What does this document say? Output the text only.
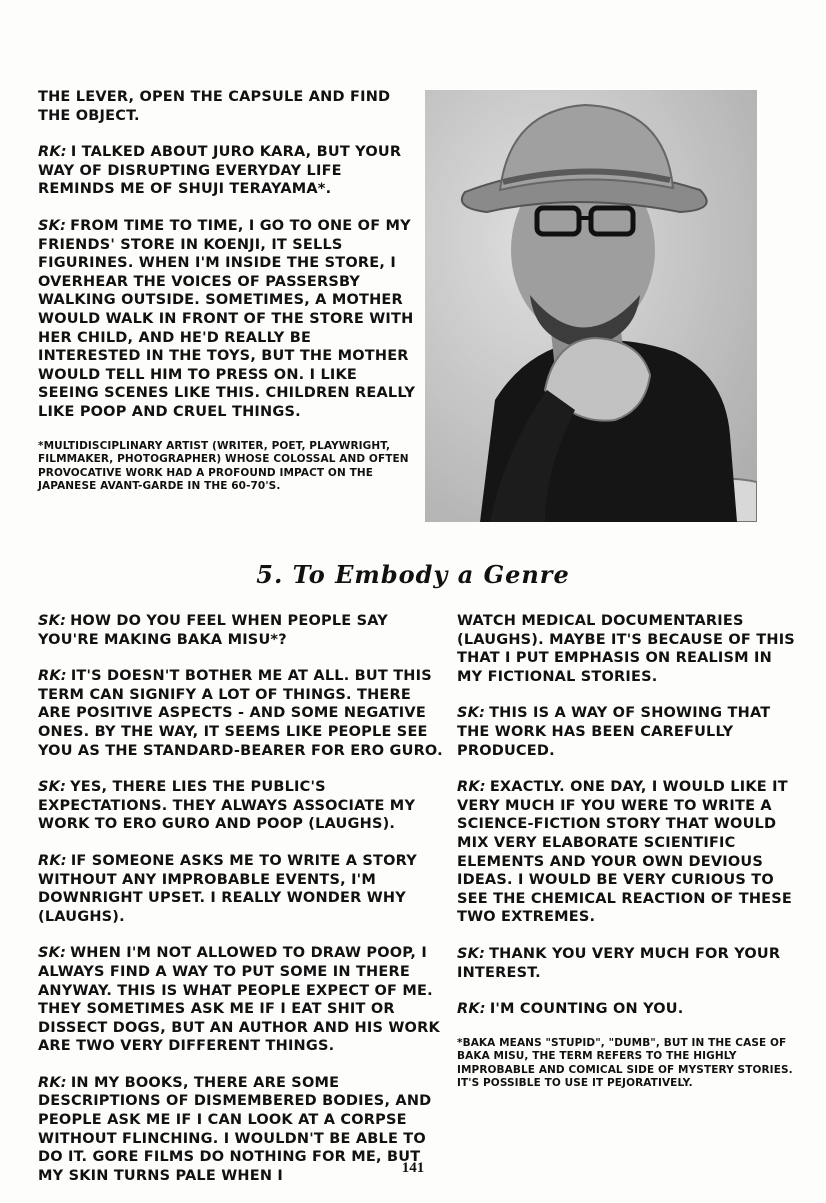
THE LEVER, OPEN THE CAPSULE AND FIND THE OBJECT.

RK: I TALKED ABOUT JURO KARA, BUT YOUR WAY OF DISRUPTING EVERYDAY LIFE REMINDS ME OF SHUJI TERAYAMA*.

SK: FROM TIME TO TIME, I GO TO ONE OF MY FRIENDS' STORE IN KOENJI, IT SELLS FIGURINES. WHEN I'M INSIDE THE STORE, I OVERHEAR THE VOICES OF PASSERSBY WALKING OUTSIDE. SOMETIMES, A MOTHER WOULD WALK IN FRONT OF THE STORE WITH HER CHILD, AND HE'D REALLY BE INTERESTED IN THE TOYS, BUT THE MOTHER WOULD TELL HIM TO PRESS ON. I LIKE SEEING SCENES LIKE THIS. CHILDREN REALLY LIKE POOP AND CRUEL THINGS.

*MULTIDISCIPLINARY ARTIST (WRITER, POET, PLAYWRIGHT, FILMMAKER, PHOTOGRAPHER) WHOSE COLOSSAL AND OFTEN PROVOCATIVE WORK HAD A PROFOUND IMPACT ON THE JAPANESE AVANT-GARDE IN THE 60-70'S.

5. To Embody a Genre

SK: HOW DO YOU FEEL WHEN PEOPLE SAY YOU'RE MAKING BAKA MISU*?

RK: IT'S DOESN'T BOTHER ME AT ALL. BUT THIS TERM CAN SIGNIFY A LOT OF THINGS. THERE ARE POSITIVE ASPECTS - AND SOME NEGATIVE ONES. BY THE WAY, IT SEEMS LIKE PEOPLE SEE YOU AS THE STANDARD-BEARER FOR ERO GURO.

SK: YES, THERE LIES THE PUBLIC'S EXPECTATIONS. THEY ALWAYS ASSOCIATE MY WORK TO ERO GURO AND POOP (LAUGHS).

RK: IF SOMEONE ASKS ME TO WRITE A STORY WITHOUT ANY IMPROBABLE EVENTS, I'M DOWNRIGHT UPSET. I REALLY WONDER WHY (LAUGHS).

SK: WHEN I'M NOT ALLOWED TO DRAW POOP, I ALWAYS FIND A WAY TO PUT SOME IN THERE ANYWAY. THIS IS WHAT PEOPLE EXPECT OF ME. THEY SOMETIMES ASK ME IF I EAT SHIT OR DISSECT DOGS, BUT AN AUTHOR AND HIS WORK ARE TWO VERY DIFFERENT THINGS.

RK: IN MY BOOKS, THERE ARE SOME DESCRIPTIONS OF DISMEMBERED BODIES, AND PEOPLE ASK ME IF I CAN LOOK AT A CORPSE WITHOUT FLINCHING. I WOULDN'T BE ABLE TO DO IT. GORE FILMS DO NOTHING FOR ME, BUT MY SKIN TURNS PALE WHEN I

WATCH MEDICAL DOCUMENTARIES (LAUGHS). MAYBE IT'S BECAUSE OF THIS THAT I PUT EMPHASIS ON REALISM IN MY FICTIONAL STORIES.

SK: THIS IS A WAY OF SHOWING THAT THE WORK HAS BEEN CAREFULLY PRODUCED.

RK: EXACTLY. ONE DAY, I WOULD LIKE IT VERY MUCH IF YOU WERE TO WRITE A SCIENCE-FICTION STORY THAT WOULD MIX VERY ELABORATE SCIENTIFIC ELEMENTS AND YOUR OWN DEVIOUS IDEAS. I WOULD BE VERY CURIOUS TO SEE THE CHEMICAL REACTION OF THESE TWO EXTREMES.

SK: THANK YOU VERY MUCH FOR YOUR INTEREST.

RK: I'M COUNTING ON YOU.

*BAKA MEANS "STUPID", "DUMB", BUT IN THE CASE OF BAKA MISU, THE TERM REFERS TO THE HIGHLY IMPROBABLE AND COMICAL SIDE OF MYSTERY STORIES. IT'S POSSIBLE TO USE IT PEJORATIVELY.

141
